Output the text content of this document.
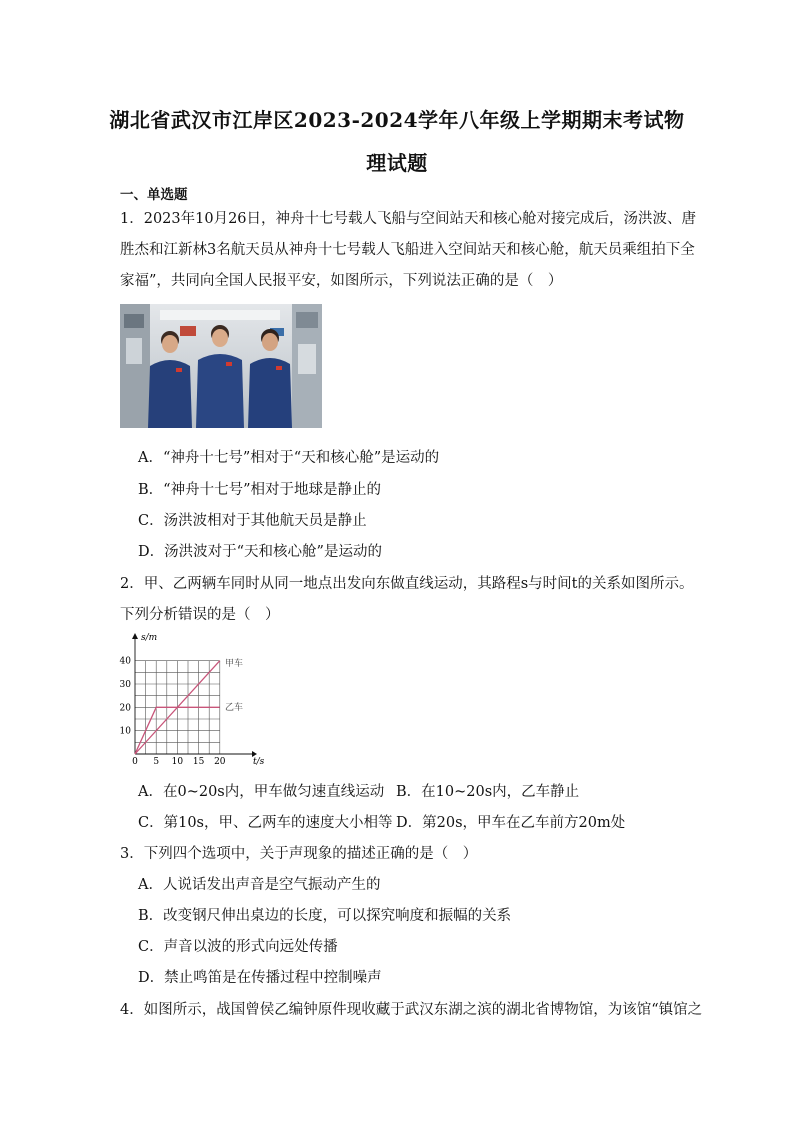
湖北省武汉市江岸区2023-2024学年八年级上学期期末考试物
理试题
一、单选题
1．2023年10月26日，神舟十七号载人飞船与空间站天和核心舱对接完成后，汤洪波、唐
胜杰和江新林3名航天员从神舟十七号载人飞船进入空间站天和核心舱，航天员乘组拍下全
家福”，共同向全国人民报平安，如图所示，下列说法正确的是（　）
A．“神舟十七号”相对于“天和核心舱”是运动的
B．“神舟十七号”相对于地球是静止的
C．汤洪波相对于其他航天员是静止
D．汤洪波对于“天和核心舱”是运动的
2．甲、乙两辆车同时从同一地点出发向东做直线运动，其路程s与时间t的关系如图所示。
下列分析错误的是（　）
0 5 10 15 20
10
20
30
40
s/m
t/s
甲车
乙车
A．在0~20s内，甲车做匀速直线运动 B．在10~20s内，乙车静止
C．第10s，甲、乙两车的速度大小相等 D．第20s，甲车在乙车前方20m处
3．下列四个选项中，关于声现象的描述正确的是（　）
A．人说话发出声音是空气振动产生的
B．改变钢尺伸出桌边的长度，可以探究响度和振幅的关系
C．声音以波的形式向远处传播
D．禁止鸣笛是在传播过程中控制噪声
4．如图所示，战国曾侯乙编钟原件现收藏于武汉东湖之滨的湖北省博物馆，为该馆“镇馆之
